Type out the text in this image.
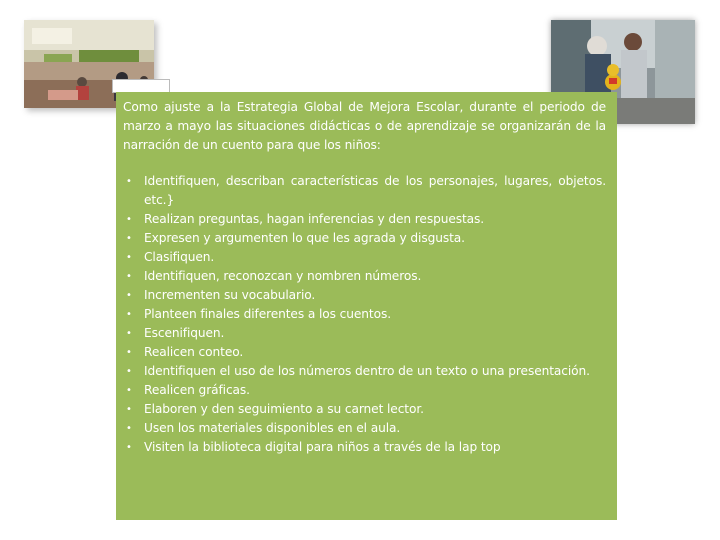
Como ajuste a la Estrategia Global de Mejora Escolar, durante el periodo de marzo a mayo las situaciones didácticas o de aprendizaje se organizarán de la narración de un cuento para que los niños:

• Identifiquen, describan características de los personajes, lugares, objetos. etc.}
• Realizan preguntas, hagan inferencias y den respuestas.
• Expresen y argumenten lo que les agrada y disgusta.
• Clasifiquen.
• Identifiquen, reconozcan y nombren números.
• Incrementen su vocabulario.
• Planteen finales diferentes a los cuentos.
• Escenifiquen.
• Realicen conteo.
• Identifiquen el uso de los números dentro de un texto o una presentación.
• Realicen gráficas.
• Elaboren y den seguimiento a su carnet lector.
• Usen los materiales disponibles en el aula.
• Visiten la biblioteca digital para niños a través de la lap top
